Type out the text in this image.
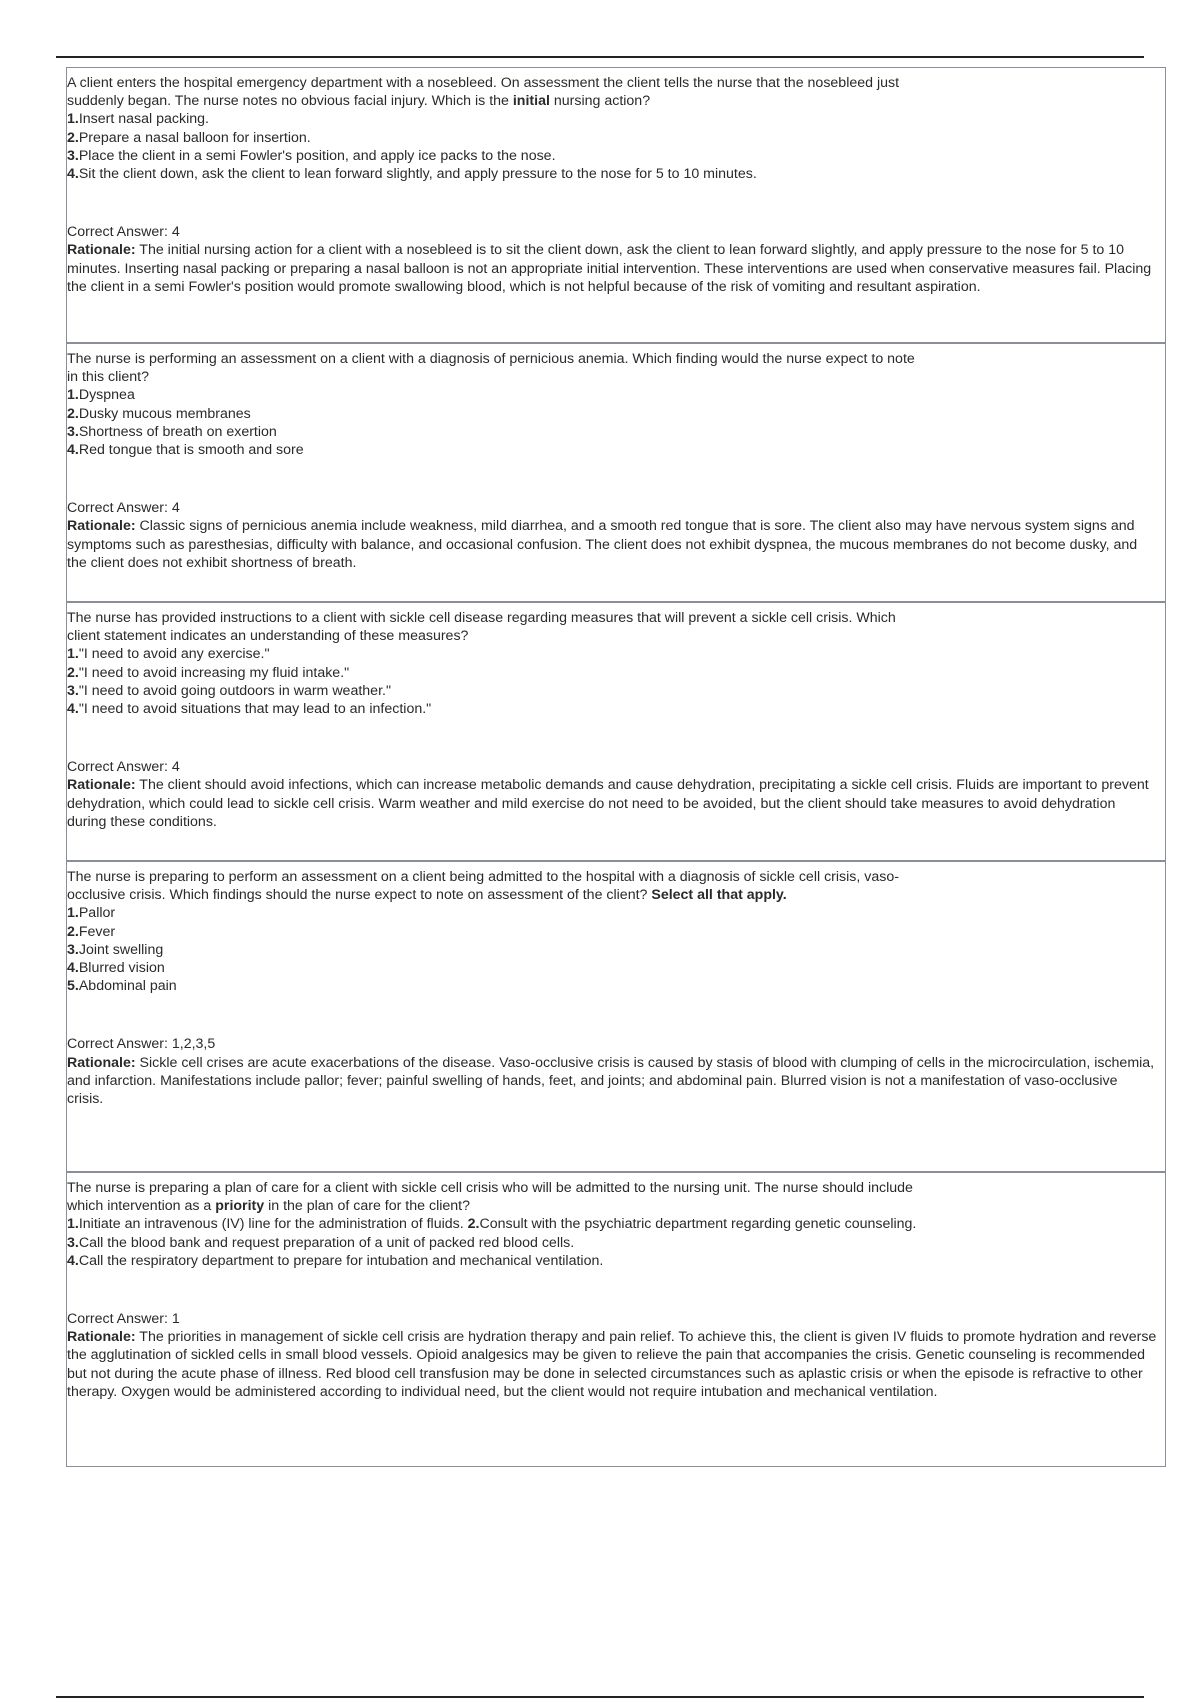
A client enters the hospital emergency department with a nosebleed. On assessment the client tells the nurse that the nosebleed just suddenly began. The nurse notes no obvious facial injury. Which is the initial nursing action?

1.Insert nasal packing.
2.Prepare a nasal balloon for insertion.
3.Place the client in a semi Fowler's position, and apply ice packs to the nose.
4.Sit the client down, ask the client to lean forward slightly, and apply pressure to the nose for 5 to 10 minutes.

Correct Answer: 4

Rationale: The initial nursing action for a client with a nosebleed is to sit the client down, ask the client to lean forward slightly, and apply pressure to the nose for 5 to 10 minutes. Inserting nasal packing or preparing a nasal balloon is not an appropriate initial intervention. These interventions are used when conservative measures fail. Placing the client in a semi Fowler's position would promote swallowing blood, which is not helpful because of the risk of vomiting and resultant aspiration.

The nurse is performing an assessment on a client with a diagnosis of pernicious anemia. Which finding would the nurse expect to note in this client?

1.Dyspnea
2.Dusky mucous membranes
3.Shortness of breath on exertion
4.Red tongue that is smooth and sore

Correct Answer: 4

Rationale: Classic signs of pernicious anemia include weakness, mild diarrhea, and a smooth red tongue that is sore. The client also may have nervous system signs and symptoms such as paresthesias, difficulty with balance, and occasional confusion. The client does not exhibit dyspnea, the mucous membranes do not become dusky, and the client does not exhibit shortness of breath.

The nurse has provided instructions to a client with sickle cell disease regarding measures that will prevent a sickle cell crisis. Which client statement indicates an understanding of these measures?

1."I need to avoid any exercise."
2."I need to avoid increasing my fluid intake."
3."I need to avoid going outdoors in warm weather."
4."I need to avoid situations that may lead to an infection."

Correct Answer: 4

Rationale: The client should avoid infections, which can increase metabolic demands and cause dehydration, precipitating a sickle cell crisis. Fluids are important to prevent dehydration, which could lead to sickle cell crisis. Warm weather and mild exercise do not need to be avoided, but the client should take measures to avoid dehydration during these conditions.

The nurse is preparing to perform an assessment on a client being admitted to the hospital with a diagnosis of sickle cell crisis, vaso-occlusive crisis. Which findings should the nurse expect to note on assessment of the client? Select all that apply.

1.Pallor
2.Fever
3.Joint swelling
4.Blurred vision
5.Abdominal pain

Correct Answer: 1,2,3,5

Rationale: Sickle cell crises are acute exacerbations of the disease. Vaso-occlusive crisis is caused by stasis of blood with clumping of cells in the microcirculation, ischemia, and infarction. Manifestations include pallor; fever; painful swelling of hands, feet, and joints; and abdominal pain. Blurred vision is not a manifestation of vaso-occlusive crisis.

The nurse is preparing a plan of care for a client with sickle cell crisis who will be admitted to the nursing unit. The nurse should include which intervention as a priority in the plan of care for the client?

1.Initiate an intravenous (IV) line for the administration of fluids. 2.Consult with the psychiatric department regarding genetic counseling.
3.Call the blood bank and request preparation of a unit of packed red blood cells.
4.Call the respiratory department to prepare for intubation and mechanical ventilation.

Correct Answer: 1

Rationale: The priorities in management of sickle cell crisis are hydration therapy and pain relief. To achieve this, the client is given IV fluids to promote hydration and reverse the agglutination of sickled cells in small blood vessels. Opioid analgesics may be given to relieve the pain that accompanies the crisis. Genetic counseling is recommended but not during the acute phase of illness. Red blood cell transfusion may be done in selected circumstances such as aplastic crisis or when the episode is refractive to other therapy. Oxygen would be administered according to individual need, but the client would not require intubation and mechanical ventilation.
